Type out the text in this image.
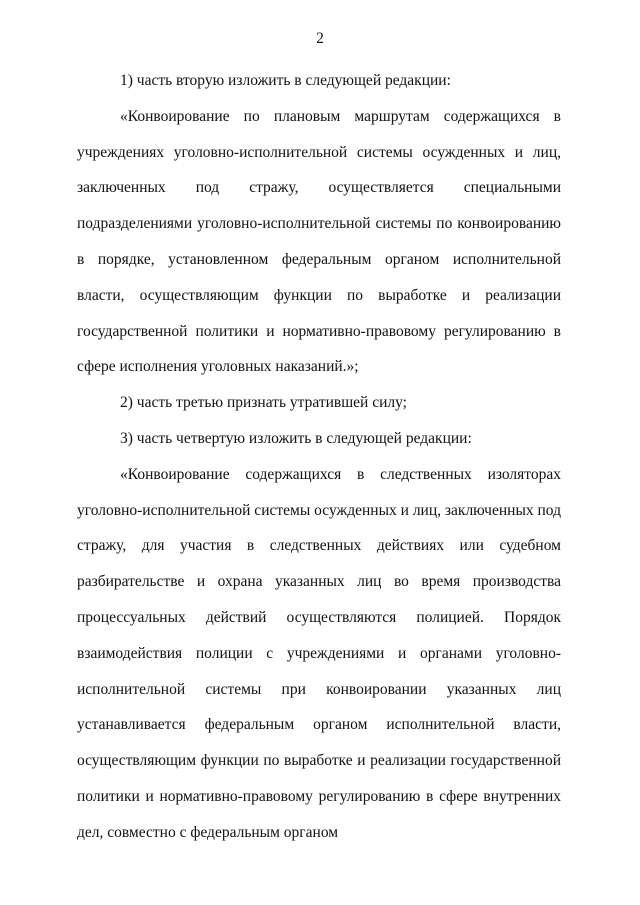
2

1) часть вторую изложить в следующей редакции:

«Конвоирование по плановым маршрутам содержащихся в учреждениях уголовно-исполнительной системы осужденных и лиц, заключенных под стражу, осуществляется специальными подразделениями уголовно-исполнительной системы по конвоированию в порядке, установленном федеральным органом исполнительной власти, осуществляющим функции по выработке и реализации государственной политики и нормативно-правовому регулированию в сфере исполнения уголовных наказаний.»;

2) часть третью признать утратившей силу;

3) часть четвертую изложить в следующей редакции:

«Конвоирование содержащихся в следственных изоляторах уголовно-исполнительной системы осужденных и лиц, заключенных под стражу, для участия в следственных действиях или судебном разбирательстве и охрана указанных лиц во время производства процессуальных действий осуществляются полицией. Порядок взаимодействия полиции с учреждениями и органами уголовно-исполнительной системы при конвоировании указанных лиц устанавливается федеральным органом исполнительной власти, осуществляющим функции по выработке и реализации государственной политики и нормативно-правовому регулированию в сфере внутренних дел, совместно с федеральным органом
